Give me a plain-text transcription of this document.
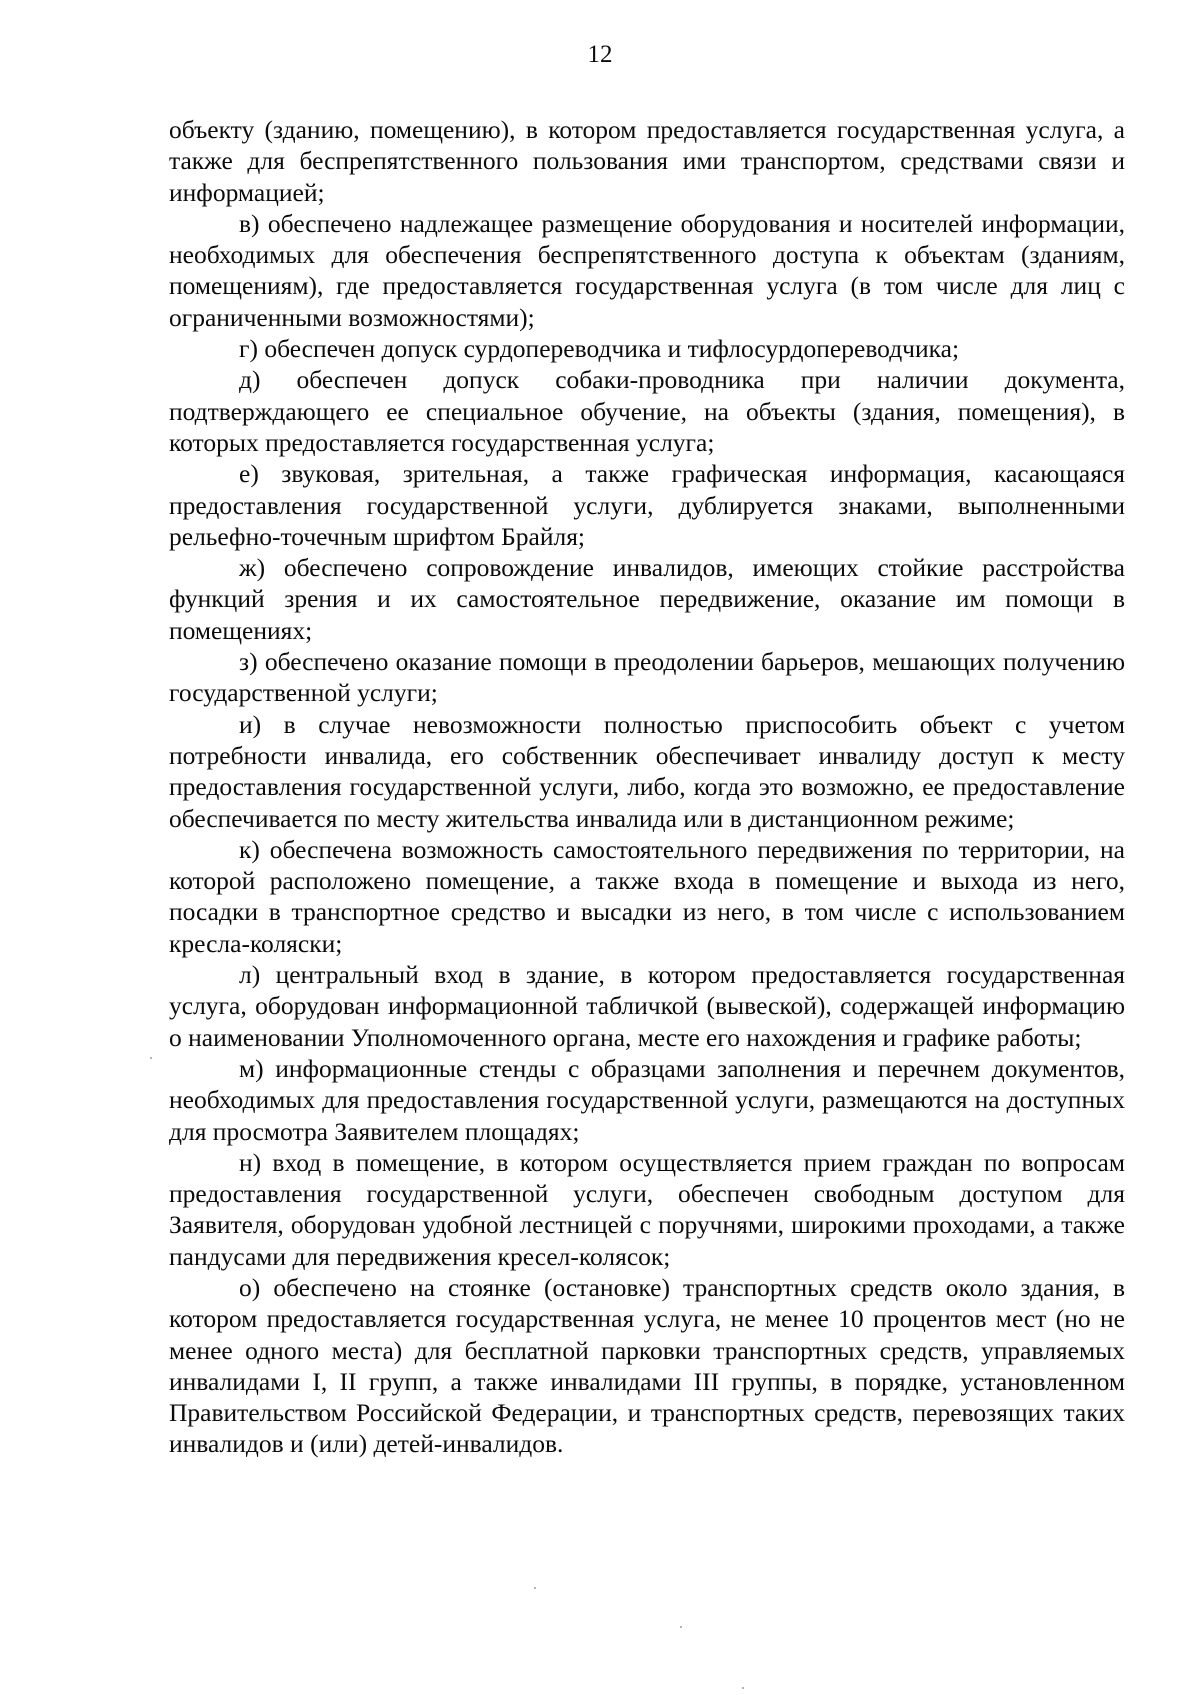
12

объекту (зданию, помещению), в котором предоставляется государственная услуга, а также для беспрепятственного пользования ими транспортом, средствами связи и информацией;

в) обеспечено надлежащее размещение оборудования и носителей информации, необходимых для обеспечения беспрепятственного доступа к объектам (зданиям, помещениям), где предоставляется государственная услуга (в том числе для лиц с ограниченными возможностями);

г) обеспечен допуск сурдопереводчика и тифлосурдопереводчика;

д) обеспечен допуск собаки-проводника при наличии документа, подтверждающего ее специальное обучение, на объекты (здания, помещения), в которых предоставляется государственная услуга;

е) звуковая, зрительная, а также графическая информация, касающаяся предоставления государственной услуги, дублируется знаками, выполненными рельефно-точечным шрифтом Брайля;

ж) обеспечено сопровождение инвалидов, имеющих стойкие расстройства функций зрения и их самостоятельное передвижение, оказание им помощи в помещениях;

з) обеспечено оказание помощи в преодолении барьеров, мешающих получению государственной услуги;

и) в случае невозможности полностью приспособить объект с учетом потребности инвалида, его собственник обеспечивает инвалиду доступ к месту предоставления государственной услуги, либо, когда это возможно, ее предоставление обеспечивается по месту жительства инвалида или в дистанционном режиме;

к) обеспечена возможность самостоятельного передвижения по территории, на которой расположено помещение, а также входа в помещение и выхода из него, посадки в транспортное средство и высадки из него, в том числе с использованием кресла-коляски;

л) центральный вход в здание, в котором предоставляется государственная услуга, оборудован информационной табличкой (вывеской), содержащей информацию о наименовании Уполномоченного органа, месте его нахождения и графике работы;

м) информационные стенды с образцами заполнения и перечнем документов, необходимых для предоставления государственной услуги, размещаются на доступных для просмотра Заявителем площадях;

н) вход в помещение, в котором осуществляется прием граждан по вопросам предоставления государственной услуги, обеспечен свободным доступом для Заявителя, оборудован удобной лестницей с поручнями, широкими проходами, а также пандусами для передвижения кресел-колясок;

о) обеспечено на стоянке (остановке) транспортных средств около здания, в котором предоставляется государственная услуга, не менее 10 процентов мест (но не менее одного места) для бесплатной парковки транспортных средств, управляемых инвалидами I, II групп, а также инвалидами III группы, в порядке, установленном Правительством Российской Федерации, и транспортных средств, перевозящих таких инвалидов и (или) детей-инвалидов.
